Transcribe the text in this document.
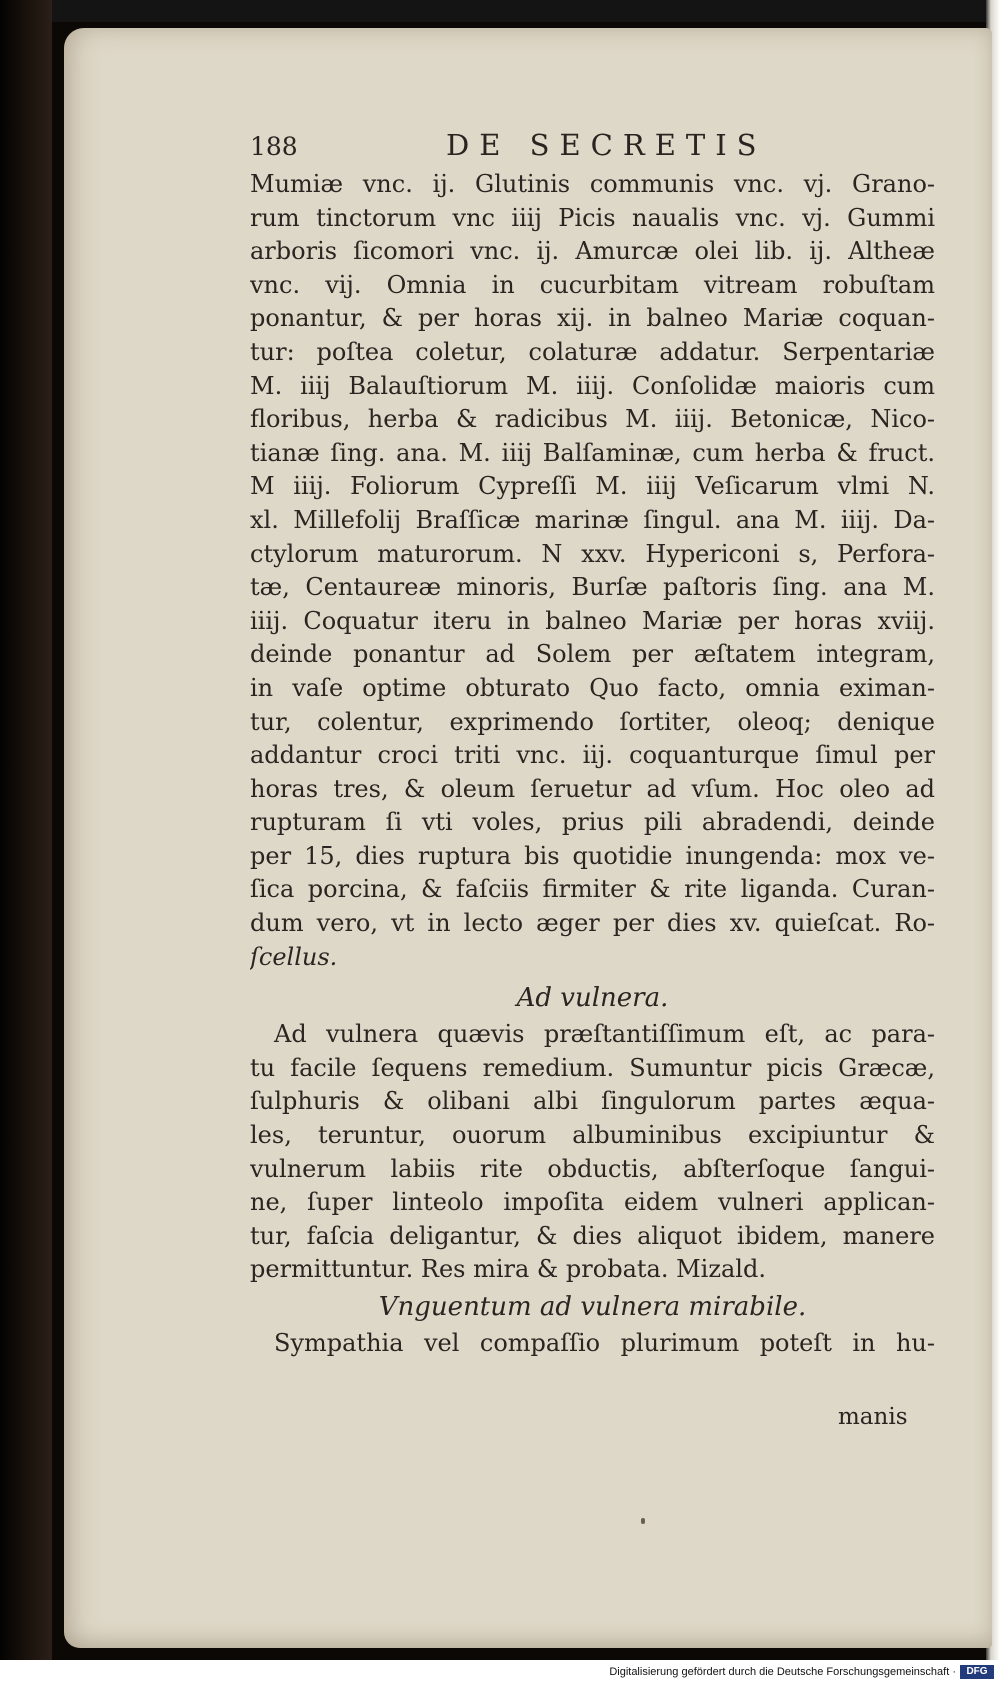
188	DE SECRETIS
Mumiæ vnc. ij. Glutinis communis vnc. vj. Grano-
rum tinctorum vnc iiij Picis naualis vnc. vj. Gummi
arboris ſicomori vnc. ij. Amurcæ olei lib. ij. Altheæ
vnc. vij. Omnia in cucurbitam vitream robuſtam
ponantur, & per horas xij. in balneo Mariæ coquan-
tur: poſtea coletur, colaturæ addatur. Serpentariæ
M. iiij Balauſtiorum M. iiij. Conſolidæ maioris cum
floribus, herba & radicibus M. iiij. Betonicæ, Nico-
tianæ ſing. ana. M. iiij Balſaminæ, cum herba & fruct.
M iiij. Foliorum Cypreſſi M. iiij Veſicarum vlmi N.
xl. Millefolij Braſſicæ marinæ ſingul. ana M. iiij. Da-
ctylorum maturorum. N xxv. Hypericoni s, Perfora-
tæ, Centaureæ minoris, Burſæ paſtoris ſing. ana M.
iiij. Coquatur iteru in balneo Mariæ per horas xviij.
deinde ponantur ad Solem per æſtatem integram,
in vaſe optime obturato Quo facto, omnia eximan-
tur, colentur, exprimendo ſortiter, oleoq; denique
addantur croci triti vnc. iij. coquanturque ſimul per
horas tres, & oleum ſeruetur ad vſum. Hoc oleo ad
rupturam ſi vti voles, prius pili abradendi, deinde
per 15, dies ruptura bis quotidie inungenda: mox ve-
ſica porcina, & faſciis firmiter & rite liganda. Curan-
dum vero, vt in lecto æger per dies xv. quieſcat. Ro-
ſcellus.
Ad vulnera.
Ad vulnera quævis præſtantiſſimum eſt, ac para-
tu facile ſequens remedium. Sumuntur picis Græcæ,
ſulphuris & olibani albi ſingulorum partes æqua-
les, teruntur, ouorum albuminibus excipiuntur &
vulnerum labiis rite obductis, abſterſoque ſangui-
ne, ſuper linteolo impoſita eidem vulneri applican-
tur, faſcia deligantur, & dies aliquot ibidem, manere
permittuntur. Res mira & probata. Mizald.
Vnguentum ad vulnera mirabile.
Sympathia vel compaſſio plurimum poteſt in hu-
manis
Digitalisierung gefördert durch die Deutsche Forschungsgemeinschaft ·	DFG
